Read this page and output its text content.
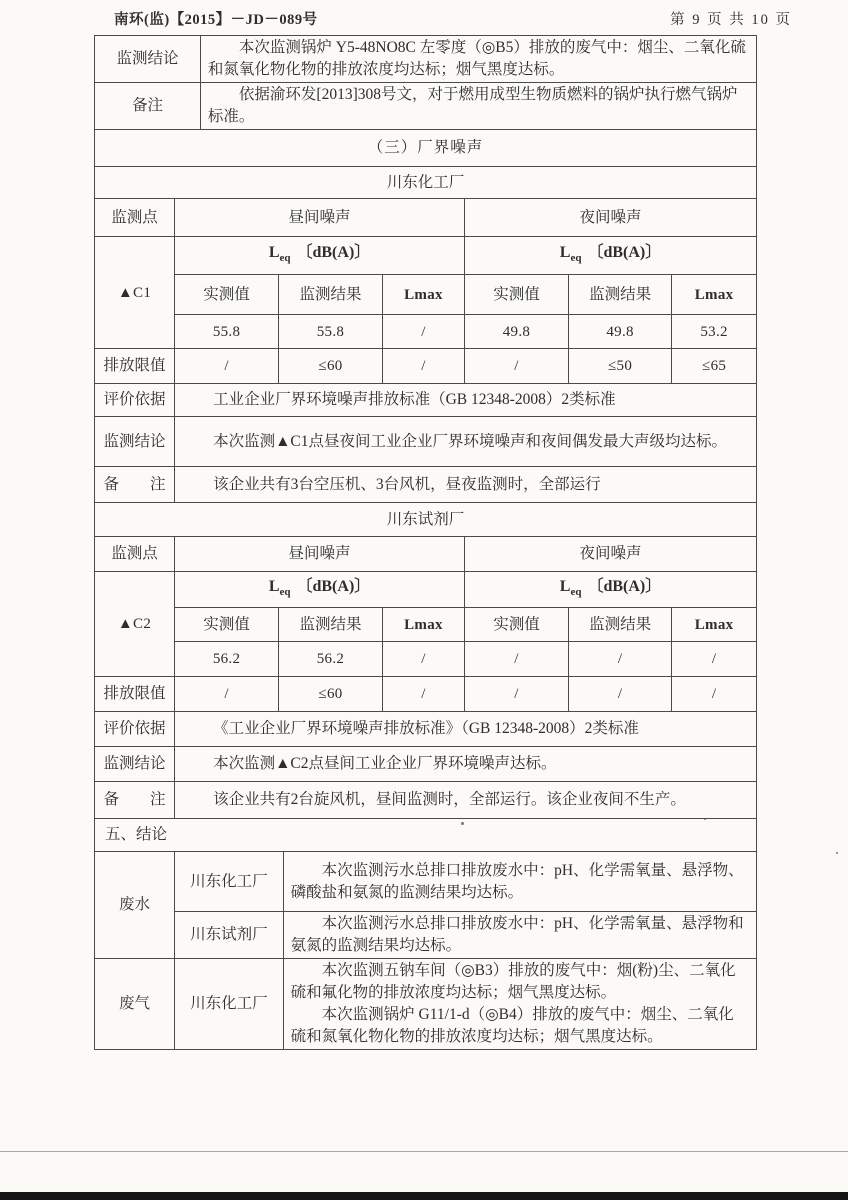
南环(监)【2015】－JD－089号	第 9 页 共 10 页
监测结论	本次监测锅炉 Y5-48NO8C 左零度（◎B5）排放的废气中：烟尘、二氧化硫和氮氧化物化物的排放浓度均达标；烟气黑度达标。

备注	依据渝环发[2013]308号文，对于燃用成型生物质燃料的锅炉执行燃气锅炉标准。

（三）厂界噪声	
川东化工厂						
监测点	昼间噪声			夜间噪声		
▲C1	$L_{eq}$ 〔dB(A)〕			$L_{eq}$ 〔dB(A)〕		
	实测值	监测结果	Lmax	实测值	监测结果	Lmax
	55.8	55.8	/	49.8	49.8	53.2
排放限值	/	≤60	/	/	≤50	≤65
评价依据	工业企业厂界环境噪声排放标准（GB 12348-2008）2类标准					

监测结论	本次监测▲C1点昼夜间工业企业厂界环境噪声和夜间偶发最大声级均达标。					

备　　注	该企业共有3台空压机、3台风机，昼夜监测时，全部运行					
川东试剂厂						
监测点	昼间噪声			夜间噪声		
▲C2	$L_{eq}$ 〔dB(A)〕			$L_{eq}$ 〔dB(A)〕		
	实测值	监测结果	Lmax	实测值	监测结果	Lmax
	56.2	56.2	/	/	/	/
排放限值	/	≤60	/	/	/	/
评价依据	《工业企业厂界环境噪声排放标准》（GB 12348-2008）2类标准					

监测结论	本次监测▲C2点昼间工业企业厂界环境噪声达标。					

备　　注	该企业共有2台旋风机，昼间监测时，全部运行。该企业夜间不生产。					
五、结论		
废水	川东化工厂	本次监测污水总排口排放废水中：pH、化学需氧量、悬浮物、磷酸盐和氨氮的监测结果均达标。

	川东试剂厂	本次监测污水总排口排放废水中：pH、化学需氧量、悬浮物和氨氮的监测结果均达标。

废气	川东化工厂	本次监测五钠车间（◎B3）排放的废气中：烟(粉)尘、二氧化硫和氟化物的排放浓度均达标；烟气黑度达标。
本次监测锅炉 G11/1-d（◎B4）排放的废气中：烟尘、二氧化硫和氮氧化物化物的排放浓度均达标；烟气黑度达标。
